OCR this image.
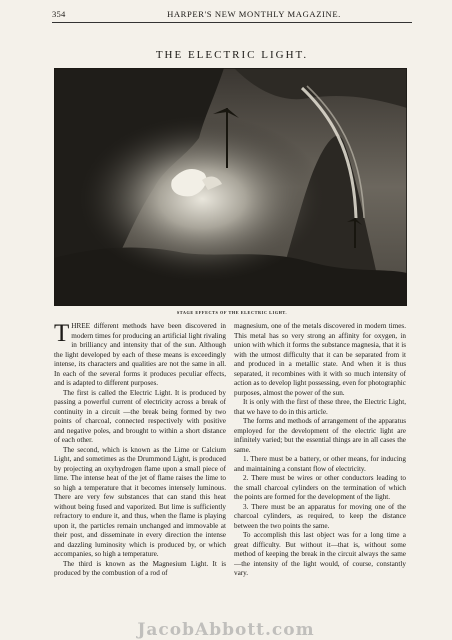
354	HARPER'S NEW MONTHLY MAGAZINE.
THE ELECTRIC LIGHT.
STAGE EFFECTS OF THE ELECTRIC LIGHT.

THREE different methods have been discovered in modern times for producing an artificial light rivaling in brilliancy and intensity that of the sun. Although the light developed by each of these means is exceedingly intense, its characters and qualities are not the same in all. In each of the several forms it produces peculiar effects, and is adapted to different purposes.

The first is called the Electric Light. It is produced by passing a powerful current of electricity across a break of continuity in a circuit —the break being formed by two points of charcoal, connected respectively with positive and negative poles, and brought to within a short distance of each other.

The second, which is known as the Lime or Calcium Light, and sometimes as the Drummond Light, is produced by projecting an oxyhydrogen flame upon a small piece of lime. The intense heat of the jet of flame raises the lime to so high a temperature that it becomes intensely luminous. There are very few substances that can stand this heat without being fused and vaporized. But lime is sufficiently refractory to endure it, and thus, when the flame is playing upon it, the particles remain unchanged and immovable at their post, and disseminate in every direction the intense and dazzling luminosity which is produced by, or which accompanies, so high a temperature.

The third is known as the Magnesium Light. It is produced by the combustion of a rod of

magnesium, one of the metals discovered in modern times. This metal has so very strong an affinity for oxygen, in union with which it forms the substance magnesia, that it is with the utmost difficulty that it can be separated from it and produced in a metallic state. And when it is thus separated, it recombines with it with so much intensity of action as to develop light possessing, even for photographic purposes, almost the power of the sun.

It is only with the first of these three, the Electric Light, that we have to do in this article.

The forms and methods of arrangement of the apparatus employed for the development of the electric light are infinitely varied; but the essential things are in all cases the same.

1. There must be a battery, or other means, for inducing and maintaining a constant flow of electricity.

2. There must be wires or other conductors leading to the small charcoal cylinders on the termination of which the points are formed for the development of the light.

3. There must be an apparatus for moving one of the charcoal cylinders, as required, to keep the distance between the two points the same.

To accomplish this last object was for a long time a great difficulty. But without it—that is, without some method of keeping the break in the circuit always the same—the intensity of the light would, of course, constantly vary.

JacobAbbott.com
